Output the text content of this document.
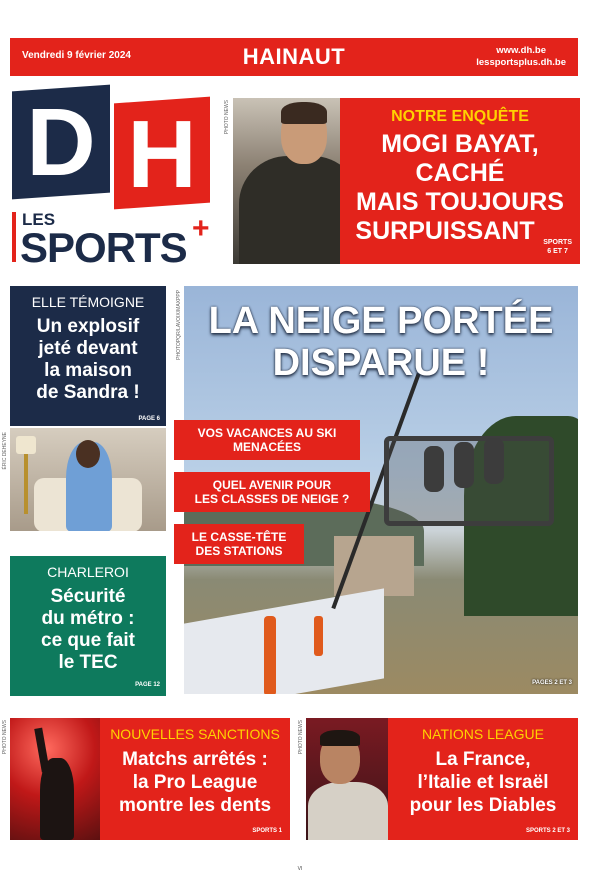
Vendredi 9 février 2024	HAINAUT	www.dh.be
lessportsplus.dh.be
D H
LES
SPORTS +
PHOTO NEWS	NOTRE ENQUÊTE
MOGI BAYAT,
CACHÉ
MAIS TOUJOURS
SURPUISSANT	SPORTS
6 ET 7
ELLE TÉMOIGNE
Un explosif
jeté devant
la maison
de Sandra !
PAGE 6
ÉRIC DEHEYNE
CHARLEROI
Sécurité
du métro :
ce que fait
le TEC
PAGE 12
PHOTOPQR/LAVOIX/MAXPPP LA NEIGE PORTÉE
DISPARUE !
PAGES 2 ET 3
VOS VACANCES AU SKI
MENACÉES
QUEL AVENIR POUR
LES CLASSES DE NEIGE ?
LE CASSE-TÊTE
DES STATIONS
PHOTO NEWS	NOUVELLES SANCTIONS
Matchs arrêtés :
la Pro League
montre les dents
SPORTS 1
PHOTO NEWS	NATIONS LEAGUE
La France,
l’Italie et Israël
pour les Diables
SPORTS 2 ET 3
VI
